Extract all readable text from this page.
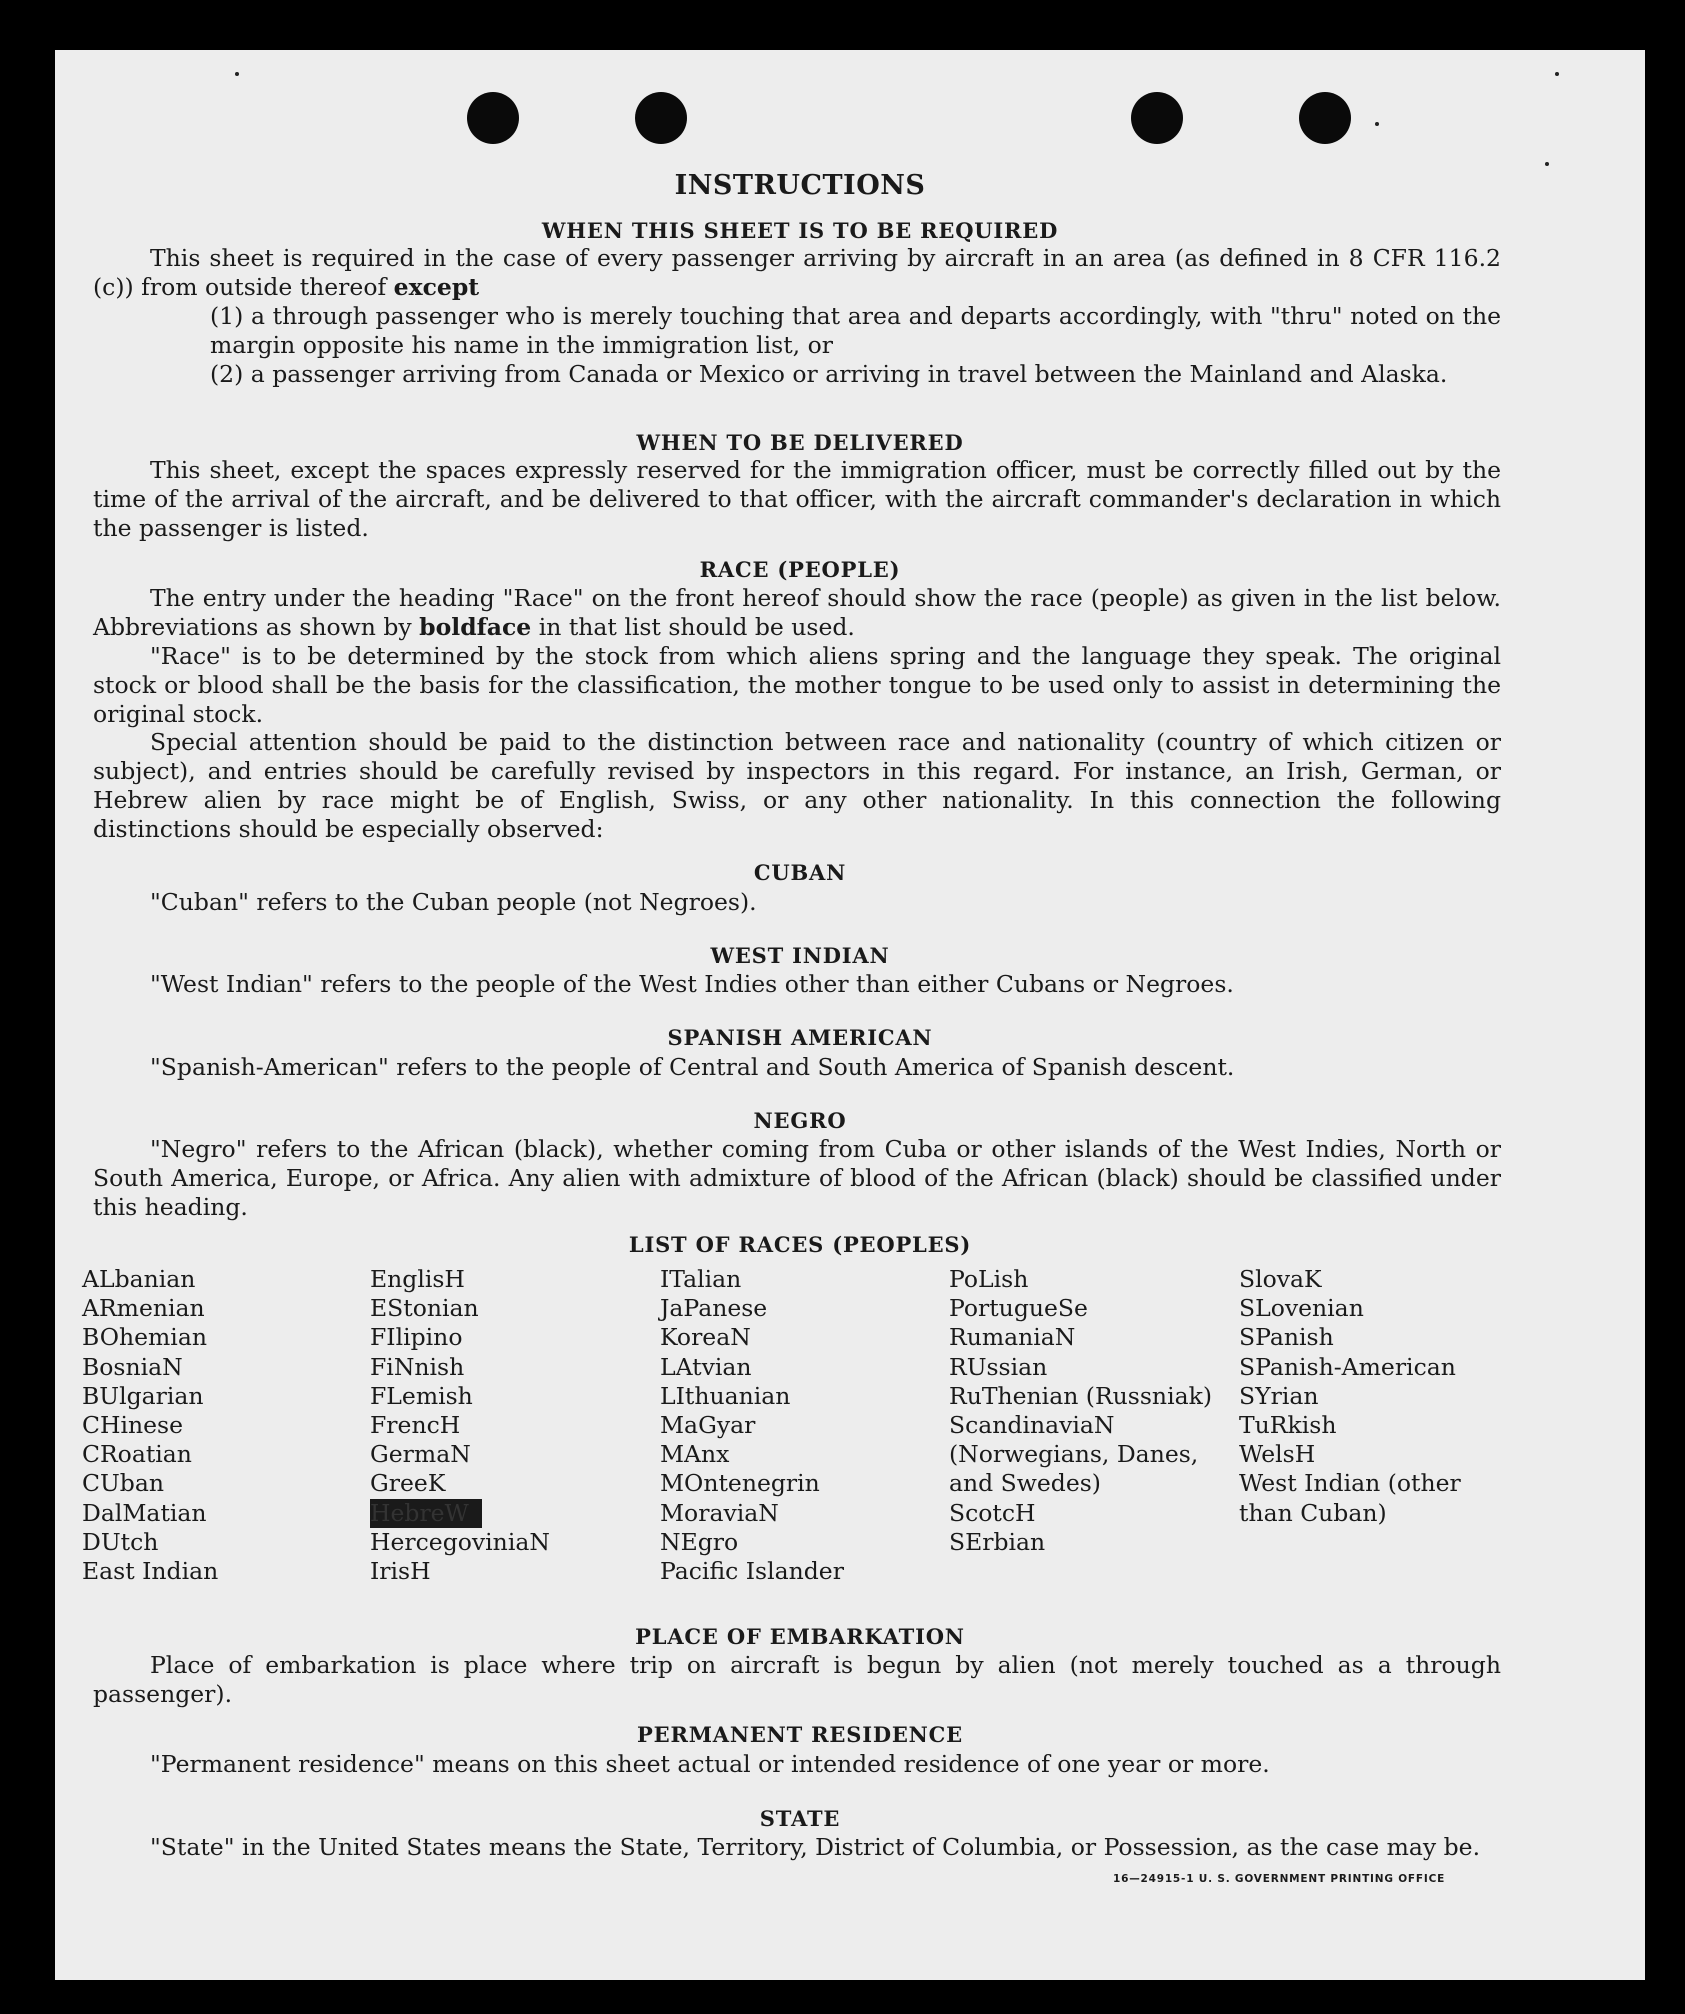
INSTRUCTIONS
WHEN THIS SHEET IS TO BE REQUIRED

This sheet is required in the case of every passenger arriving by aircraft in an area (as defined in 8 CFR 116.2 (c)) from outside thereof except

(1) a through passenger who is merely touching that area and departs accordingly, with "thru" noted on the margin opposite his name in the immigration list, or

(2) a passenger arriving from Canada or Mexico or arriving in travel between the Mainland and Alaska.

WHEN TO BE DELIVERED

This sheet, except the spaces expressly reserved for the immigration officer, must be correctly filled out by the time of the arrival of the aircraft, and be delivered to that officer, with the aircraft commander's declaration in which the passenger is listed.

RACE (PEOPLE)

The entry under the heading "Race" on the front hereof should show the race (people) as given in the list below. Abbreviations as shown by boldface in that list should be used.

"Race" is to be determined by the stock from which aliens spring and the language they speak. The original stock or blood shall be the basis for the classification, the mother tongue to be used only to assist in determining the original stock.

Special attention should be paid to the distinction between race and nationality (country of which citizen or subject), and entries should be carefully revised by inspectors in this regard. For instance, an Irish, German, or Hebrew alien by race might be of English, Swiss, or any other nationality. In this connection the following distinctions should be especially observed:

CUBAN

"Cuban" refers to the Cuban people (not Negroes).

WEST INDIAN

"West Indian" refers to the people of the West Indies other than either Cubans or Negroes.

SPANISH AMERICAN

"Spanish-American" refers to the people of Central and South America of Spanish descent.

NEGRO

"Negro" refers to the African (black), whether coming from Cuba or other islands of the West Indies, North or South America, Europe, or Africa. Any alien with admixture of blood of the African (black) should be classified under this heading.

LIST OF RACES (PEOPLES)
ALbanian
ARmenian
BOhemian
BosniaN
BUlgarian
CHinese
CRoatian
CUban
DalMatian
DUtch
East Indian
EnglisH
EStonian
FIlipino
FiNnish
FLemish
FrencH
GermaN
GreeK
HebreW
HercegoviniaN
IrisH
ITalian
JaPanese
KoreaN
LAtvian
LIthuanian
MaGyar
MAnx
MOntenegrin
MoraviaN
NEgro
Pacific Islander
PoLish
PortugueSe
RumaniaN
RUssian
RuThenian (Russniak)
ScandinaviaN (Norwegians, Danes, and Swedes)
ScotcH
SErbian
SlovaK
SLovenian
SPanish
SPanish-American
SYrian
TuRkish
WelsH
West Indian (other than Cuban)
PLACE OF EMBARKATION

Place of embarkation is place where trip on aircraft is begun by alien (not merely touched as a through passenger).

PERMANENT RESIDENCE

"Permanent residence" means on this sheet actual or intended residence of one year or more.

STATE

"State" in the United States means the State, Territory, District of Columbia, or Possession, as the case may be.

16—24915-1 U. S. GOVERNMENT PRINTING OFFICE
